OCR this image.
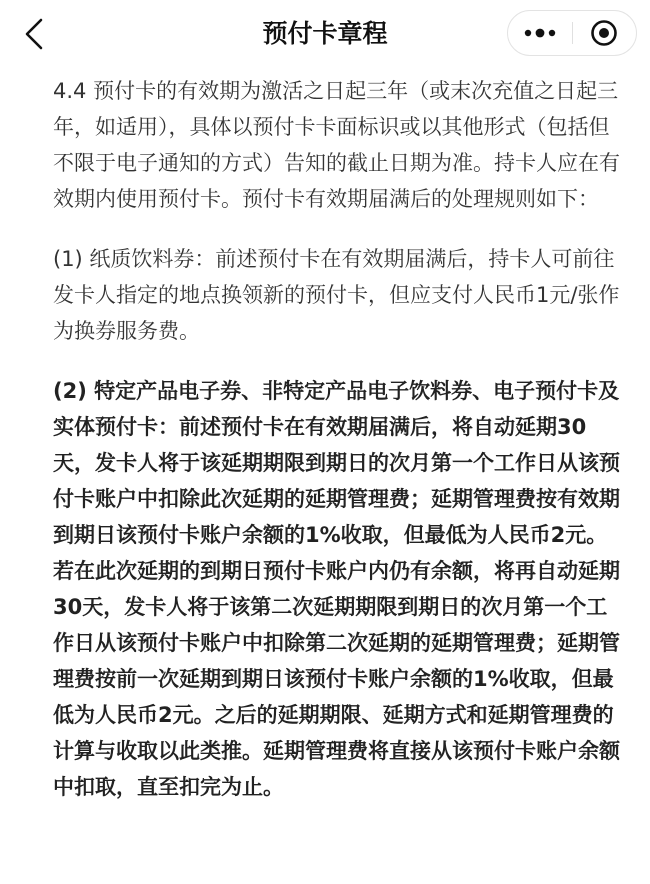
预付卡章程

4.4 预付卡的有效期为激活之日起三年（或末次充值之日起三年，如适用），具体以预付卡卡面标识或以其他形式（包括但不限于电子通知的方式）告知的截止日期为准。持卡人应在有效期内使用预付卡。预付卡有效期届满后的处理规则如下：

(1) 纸质饮料券：前述预付卡在有效期届满后，持卡人可前往发卡人指定的地点换领新的预付卡，但应支付人民币1元/张作为换券服务费。

(2) 特定产品电子券、非特定产品电子饮料券、电子预付卡及实体预付卡：前述预付卡在有效期届满后，将自动延期30天，发卡人将于该延期期限到期日的次月第一个工作日从该预付卡账户中扣除此次延期的延期管理费；延期管理费按有效期到期日该预付卡账户余额的1%收取，但最低为人民币2元。若在此次延期的到期日预付卡账户内仍有余额，将再自动延期30天，发卡人将于该第二次延期期限到期日的次月第一个工作日从该预付卡账户中扣除第二次延期的延期管理费；延期管理费按前一次延期到期日该预付卡账户余额的1%收取，但最低为人民币2元。之后的延期期限、延期方式和延期管理费的计算与收取以此类推。延期管理费将直接从该预付卡账户余额中扣取，直至扣完为止。
